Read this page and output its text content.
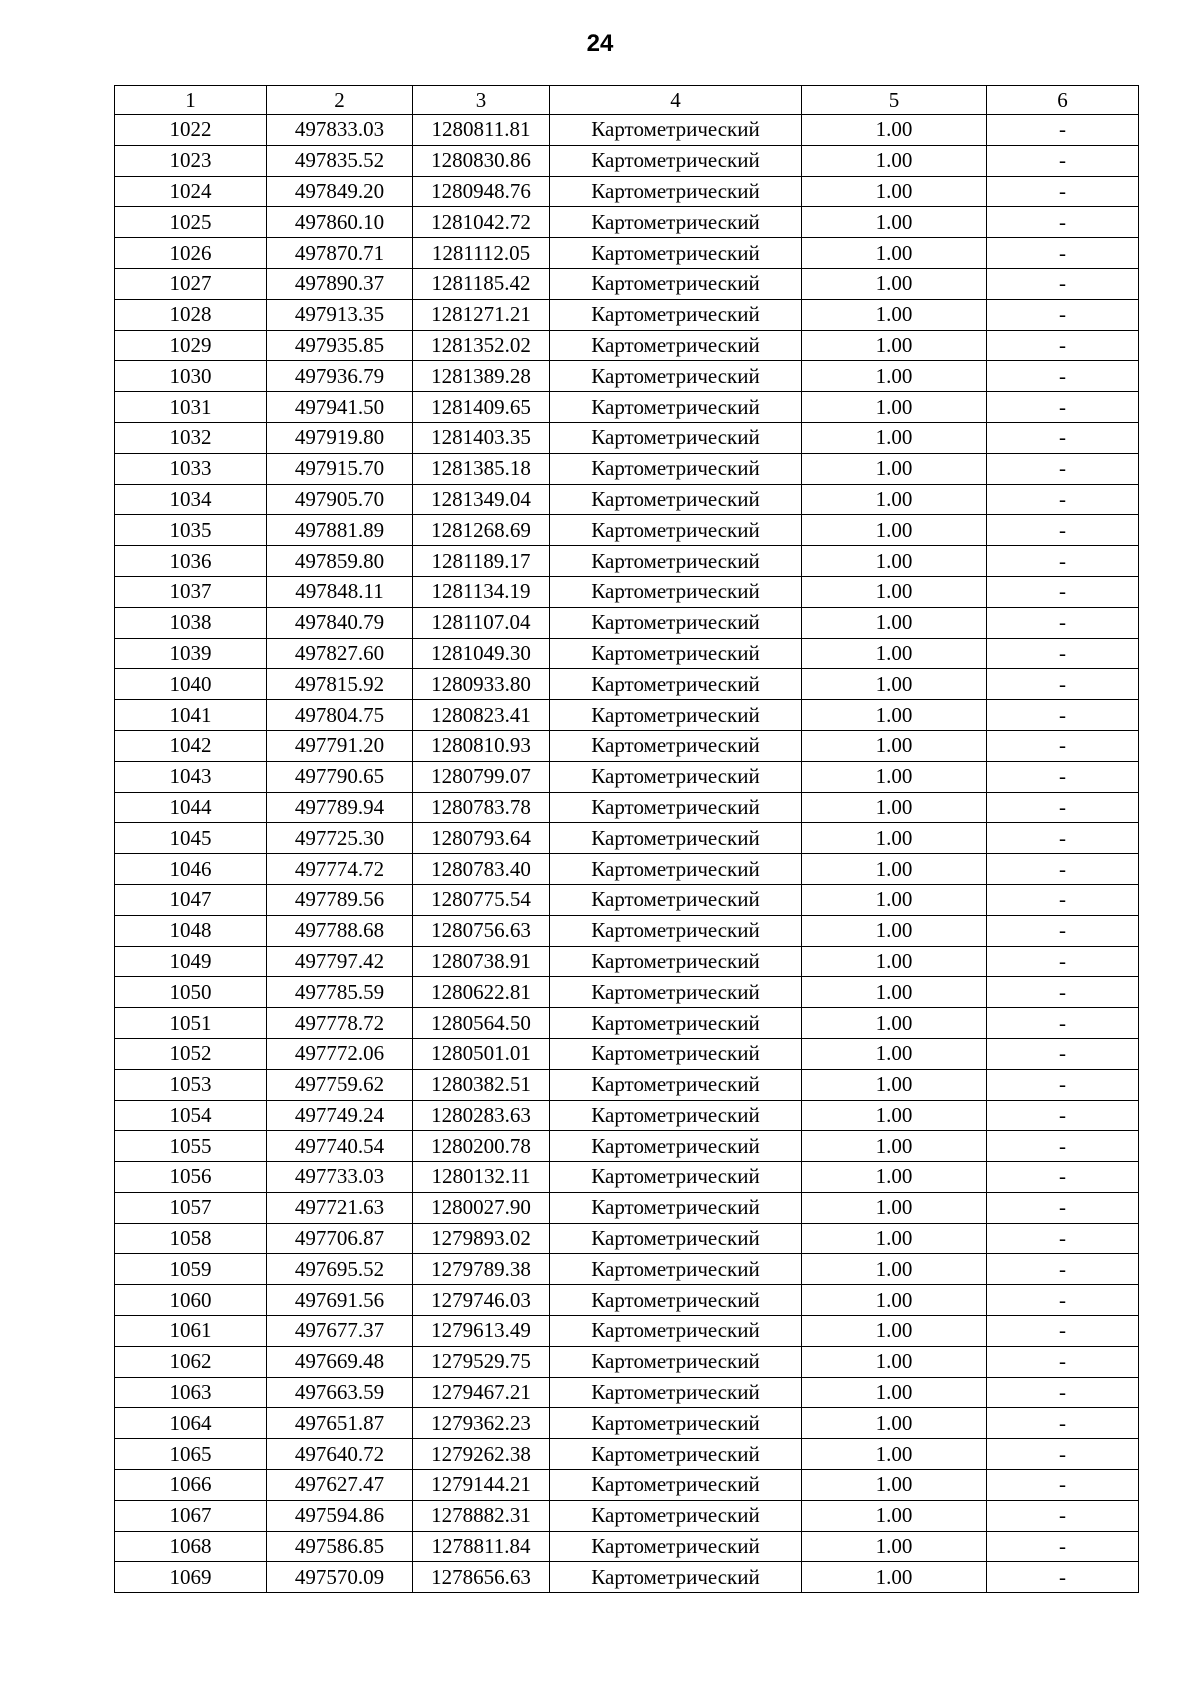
24
1	2	3	4	5	6
1022	497833.03	1280811.81	Картометрический	1.00	-
1023	497835.52	1280830.86	Картометрический	1.00	-
1024	497849.20	1280948.76	Картометрический	1.00	-
1025	497860.10	1281042.72	Картометрический	1.00	-
1026	497870.71	1281112.05	Картометрический	1.00	-
1027	497890.37	1281185.42	Картометрический	1.00	-
1028	497913.35	1281271.21	Картометрический	1.00	-
1029	497935.85	1281352.02	Картометрический	1.00	-
1030	497936.79	1281389.28	Картометрический	1.00	-
1031	497941.50	1281409.65	Картометрический	1.00	-
1032	497919.80	1281403.35	Картометрический	1.00	-
1033	497915.70	1281385.18	Картометрический	1.00	-
1034	497905.70	1281349.04	Картометрический	1.00	-
1035	497881.89	1281268.69	Картометрический	1.00	-
1036	497859.80	1281189.17	Картометрический	1.00	-
1037	497848.11	1281134.19	Картометрический	1.00	-
1038	497840.79	1281107.04	Картометрический	1.00	-
1039	497827.60	1281049.30	Картометрический	1.00	-
1040	497815.92	1280933.80	Картометрический	1.00	-
1041	497804.75	1280823.41	Картометрический	1.00	-
1042	497791.20	1280810.93	Картометрический	1.00	-
1043	497790.65	1280799.07	Картометрический	1.00	-
1044	497789.94	1280783.78	Картометрический	1.00	-
1045	497725.30	1280793.64	Картометрический	1.00	-
1046	497774.72	1280783.40	Картометрический	1.00	-
1047	497789.56	1280775.54	Картометрический	1.00	-
1048	497788.68	1280756.63	Картометрический	1.00	-
1049	497797.42	1280738.91	Картометрический	1.00	-
1050	497785.59	1280622.81	Картометрический	1.00	-
1051	497778.72	1280564.50	Картометрический	1.00	-
1052	497772.06	1280501.01	Картометрический	1.00	-
1053	497759.62	1280382.51	Картометрический	1.00	-
1054	497749.24	1280283.63	Картометрический	1.00	-
1055	497740.54	1280200.78	Картометрический	1.00	-
1056	497733.03	1280132.11	Картометрический	1.00	-
1057	497721.63	1280027.90	Картометрический	1.00	-
1058	497706.87	1279893.02	Картометрический	1.00	-
1059	497695.52	1279789.38	Картометрический	1.00	-
1060	497691.56	1279746.03	Картометрический	1.00	-
1061	497677.37	1279613.49	Картометрический	1.00	-
1062	497669.48	1279529.75	Картометрический	1.00	-
1063	497663.59	1279467.21	Картометрический	1.00	-
1064	497651.87	1279362.23	Картометрический	1.00	-
1065	497640.72	1279262.38	Картометрический	1.00	-
1066	497627.47	1279144.21	Картометрический	1.00	-
1067	497594.86	1278882.31	Картометрический	1.00	-
1068	497586.85	1278811.84	Картометрический	1.00	-
1069	497570.09	1278656.63	Картометрический	1.00	-
